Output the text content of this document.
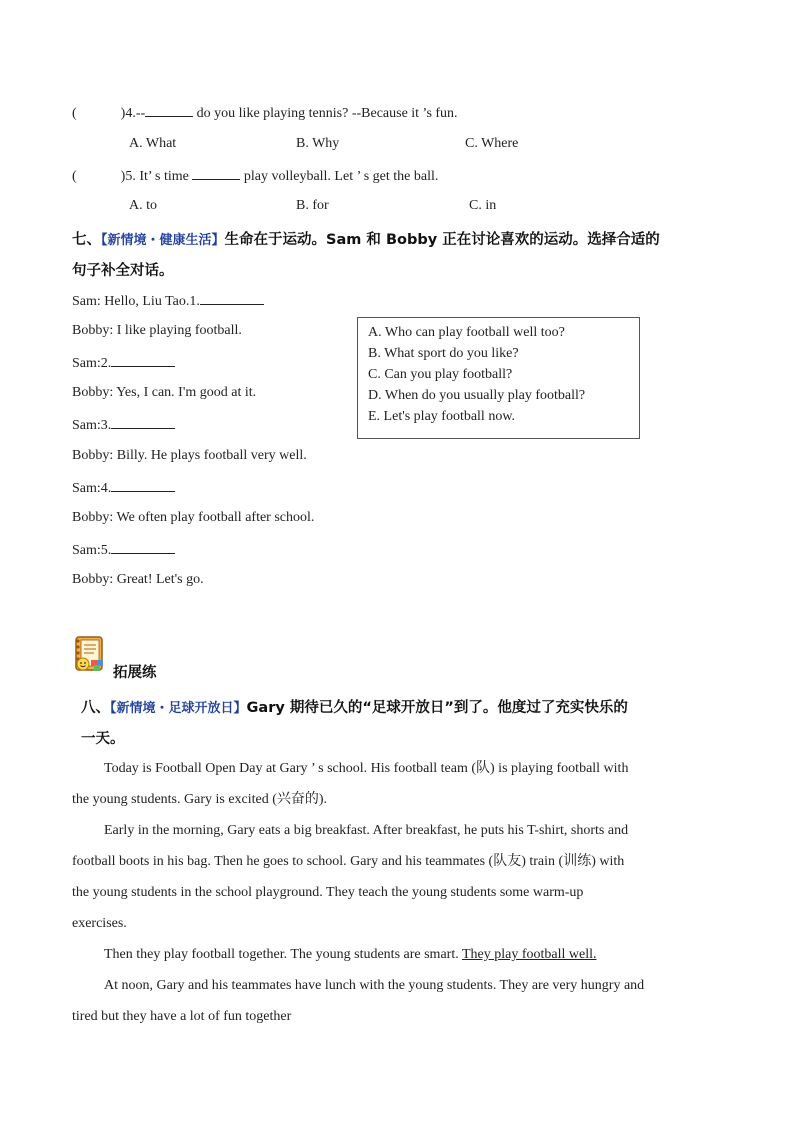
(	)4.--	do you like playing tennis? --Because it ’s fun.
A. What	B. Why	C. Where
(	)5. It’ s time	play volleyball. Let ’ s get the ball.
A. to	B. for	C. in
七、【新情境・健康生活】生命在于运动。Sam 和 Bobby 正在讨论喜欢的运动。选择合适的
句子补全对话。
Sam: Hello, Liu Tao.1.
Bobby: I like playing football.
Sam:2.
Bobby: Yes, I can. I'm good at it.
Sam:3.
Bobby: Billy. He plays football very well.
Sam:4.
Bobby: We often play football after school.
Sam:5.
Bobby: Great! Let's go.
A. Who can play football well too?
B. What sport do you like?
C. Can you play football?
D. When do you usually play football?
E. Let's play football now.
拓展练
八、【新情境・足球开放日】Gary 期待已久的“足球开放日”到了。他度过了充实快乐的
一天。
Today is Football Open Day at Gary ’ s school. His football team (队) is playing football with
the young students. Gary is excited (兴奋的).
Early in the morning, Gary eats a big breakfast. After breakfast, he puts his T-shirt, shorts and
football boots in his bag. Then he goes to school. Gary and his teammates (队友) train (训练) with
the young students in the school playground. They teach the young students some warm-up
exercises.
Then they play football together. The young students are smart. They play football well.
At noon, Gary and his teammates have lunch with the young students. They are very hungry and
tired but they have a lot of fun together
